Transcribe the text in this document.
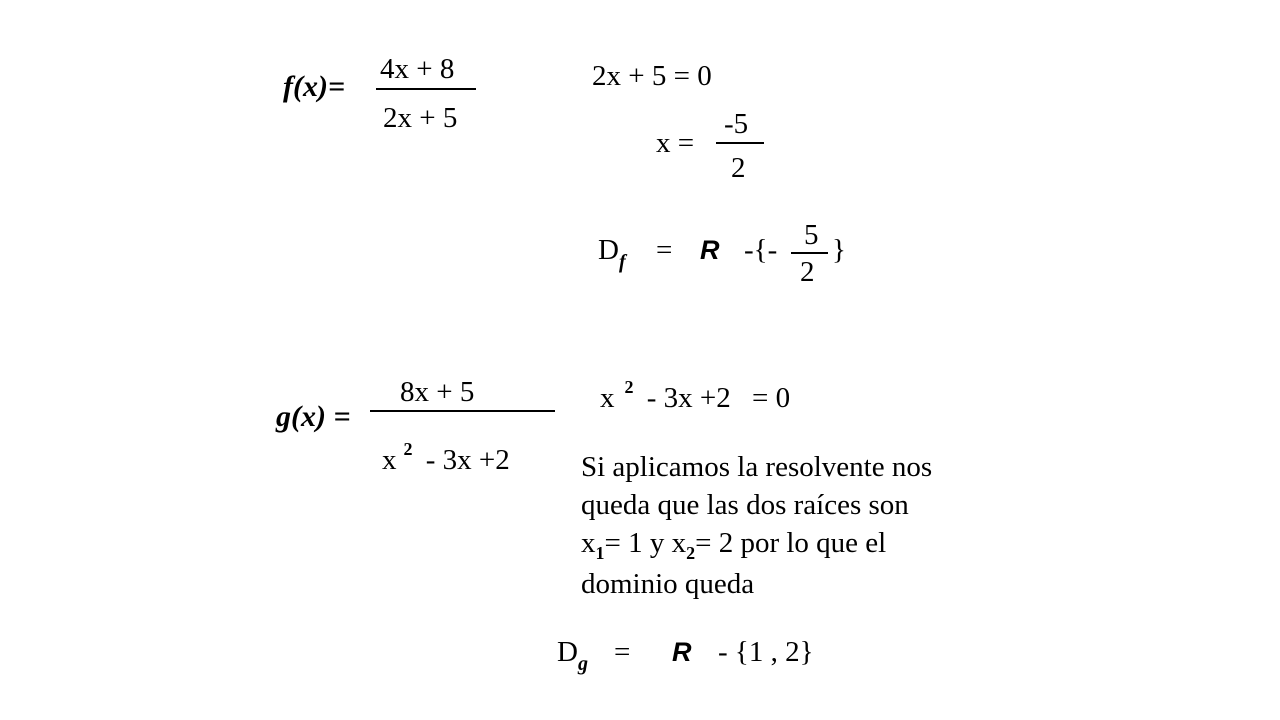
f(x)=
4x + 8
2x + 5
2x + 5 = 0
x =
-5
2
$D_f = R$ -{- 5
2
}
g(x) =
8x + 5
x $^2$ - 3x +2
x $^2$ - 3x +2 = 0
Si aplicamos la resolvente nos
queda que las dos raíces son
$x_1= 1$ y $x_2= 2$ por lo que el
dominio queda
$D_g = R - \{1$ , 2}
